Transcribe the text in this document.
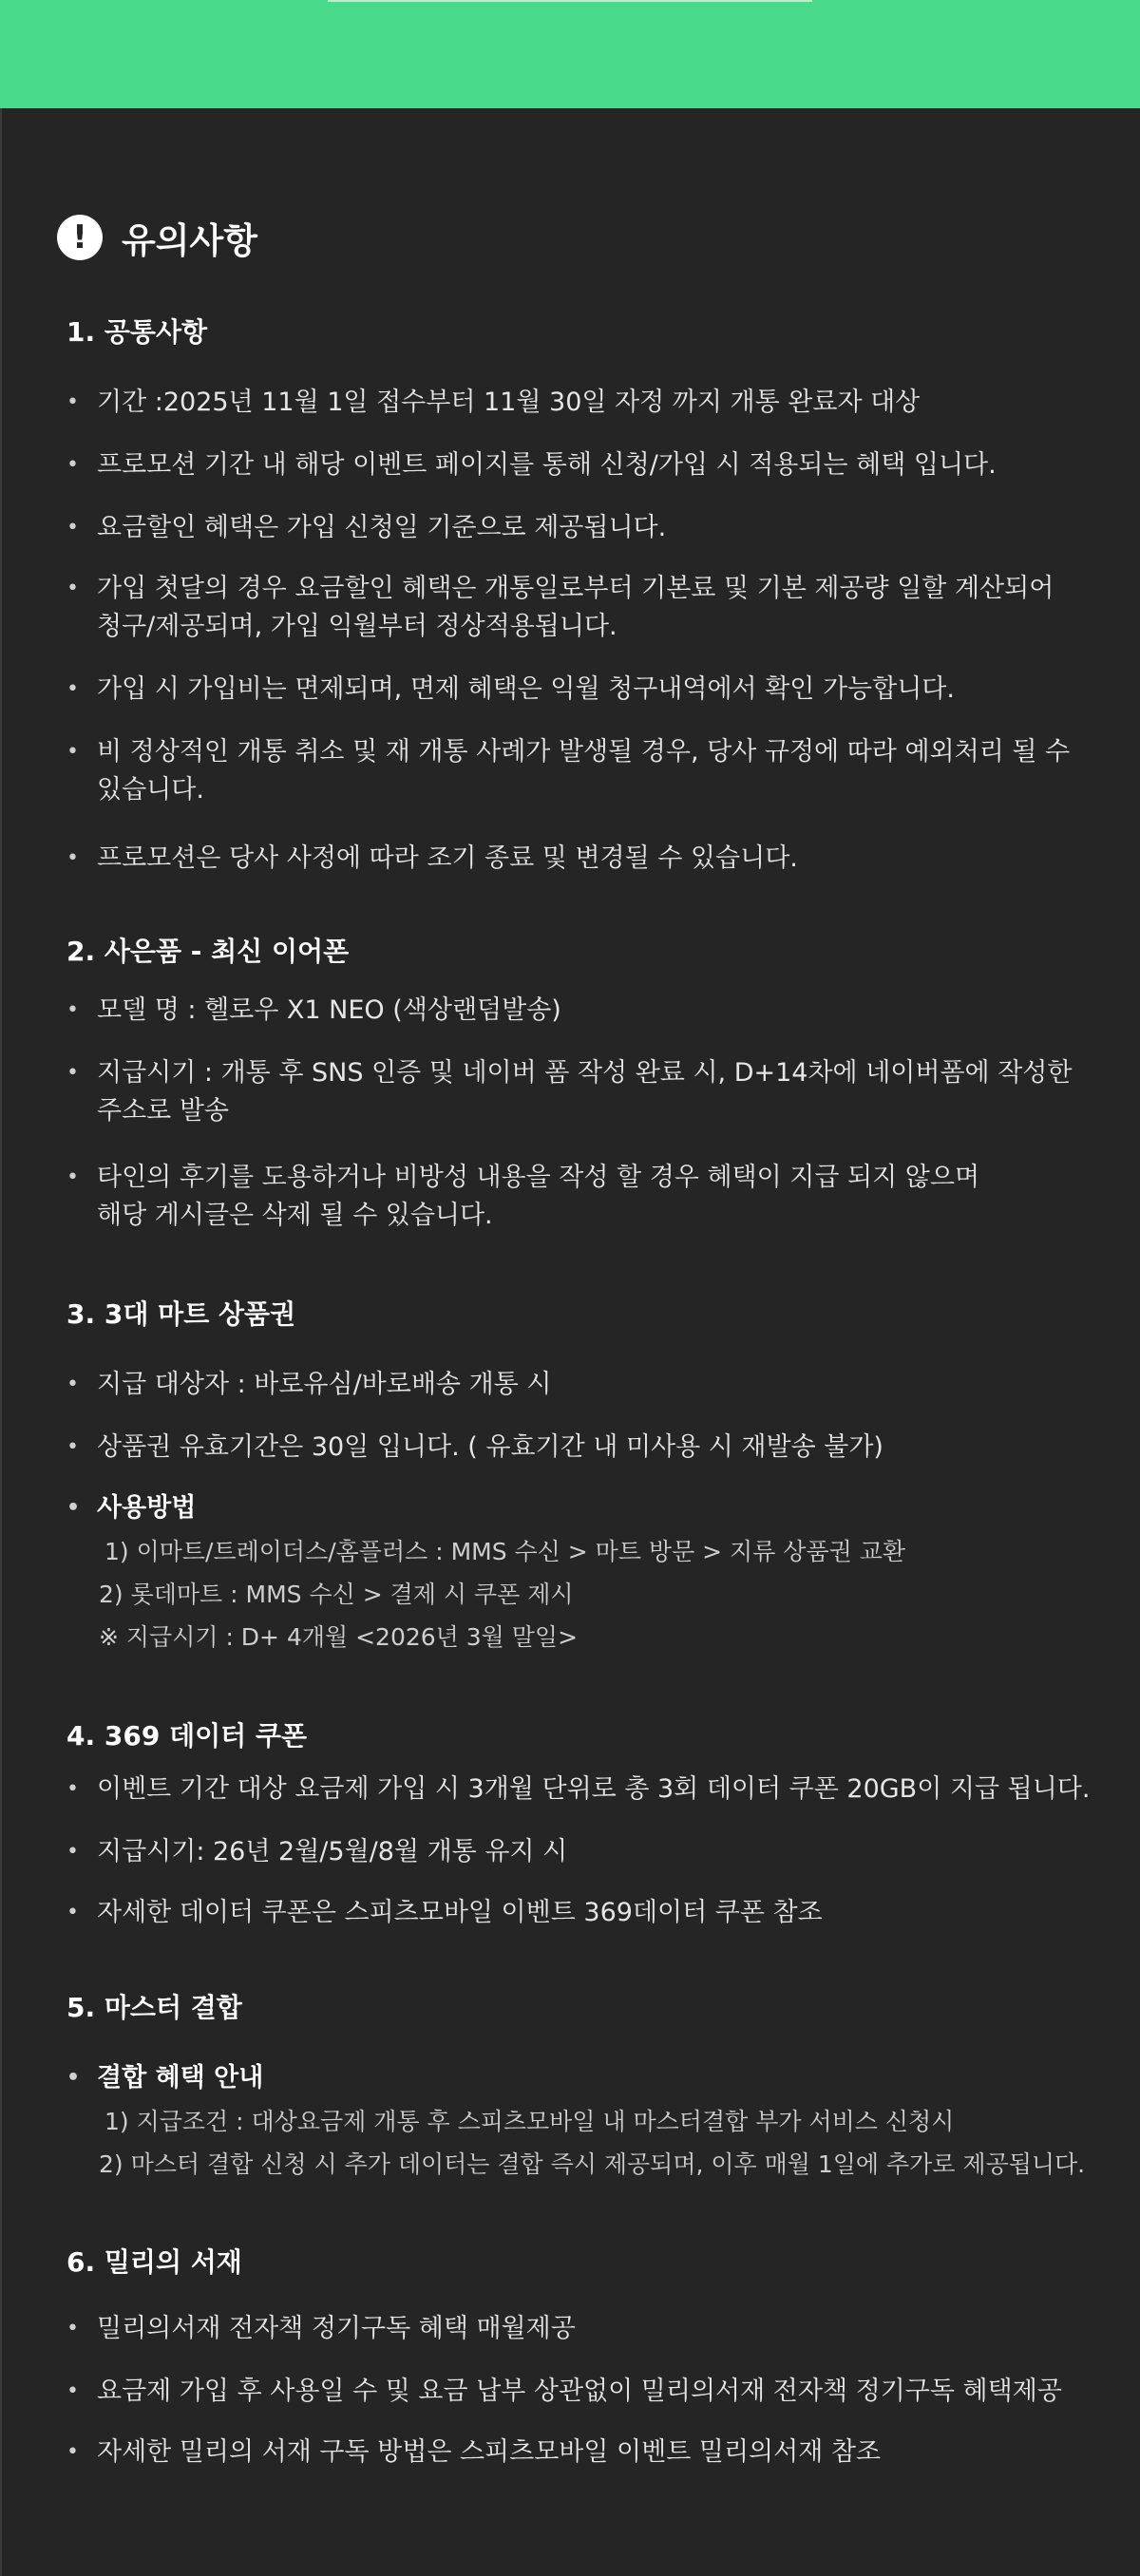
! 유의사항
1. 공통사항
• 기간 :2025년 11월 1일 접수부터 11월 30일 자정 까지 개통 완료자 대상
• 프로모션 기간 내 해당 이벤트 페이지를 통해 신청/가입 시 적용되는 혜택 입니다.
• 요금할인 혜택은 가입 신청일 기준으로 제공됩니다.
• 가입 첫달의 경우 요금할인 혜택은 개통일로부터 기본료 및 기본 제공량 일할 계산되어
청구/제공되며, 가입 익월부터 정상적용됩니다.
• 가입 시 가입비는 면제되며, 면제 혜택은 익월 청구내역에서 확인 가능합니다.
• 비 정상적인 개통 취소 및 재 개통 사례가 발생될 경우, 당사 규정에 따라 예외처리 될 수
있습니다.
• 프로모션은 당사 사정에 따라 조기 종료 및 변경될 수 있습니다.
2. 사은품 - 최신 이어폰
• 모델 명 : 헬로우 X1 NEO (색상랜덤발송)
• 지급시기 : 개통 후 SNS 인증 및 네이버 폼 작성 완료 시, D+14차에 네이버폼에 작성한
주소로 발송
• 타인의 후기를 도용하거나 비방성 내용을 작성 할 경우 혜택이 지급 되지 않으며
해당 게시글은 삭제 될 수 있습니다.
3. 3대 마트 상품권
• 지급 대상자 : 바로유심/바로배송 개통 시
• 상품권 유효기간은 30일 입니다. ( 유효기간 내 미사용 시 재발송 불가)
• 사용방법
1) 이마트/트레이더스/홈플러스 : MMS 수신 > 마트 방문 > 지류 상품권 교환
2) 롯데마트 : MMS 수신 > 결제 시 쿠폰 제시
※ 지급시기 : D+ 4개월 <2026년 3월 말일>
4. 369 데이터 쿠폰
• 이벤트 기간 대상 요금제 가입 시 3개월 단위로 총 3회 데이터 쿠폰 20GB이 지급 됩니다.
• 지급시기: 26년 2월/5월/8월 개통 유지 시
• 자세한 데이터 쿠폰은 스피츠모바일 이벤트 369데이터 쿠폰 참조
5. 마스터 결합
• 결합 혜택 안내
1) 지급조건 : 대상요금제 개통 후 스피츠모바일 내 마스터결합 부가 서비스 신청시
2) 마스터 결합 신청 시 추가 데이터는 결합 즉시 제공되며, 이후 매월 1일에 추가로 제공됩니다.
6. 밀리의 서재
• 밀리의서재 전자책 정기구독 혜택 매월제공
• 요금제 가입 후 사용일 수 및 요금 납부 상관없이 밀리의서재 전자책 정기구독 혜택제공
• 자세한 밀리의 서재 구독 방법은 스피츠모바일 이벤트 밀리의서재 참조
